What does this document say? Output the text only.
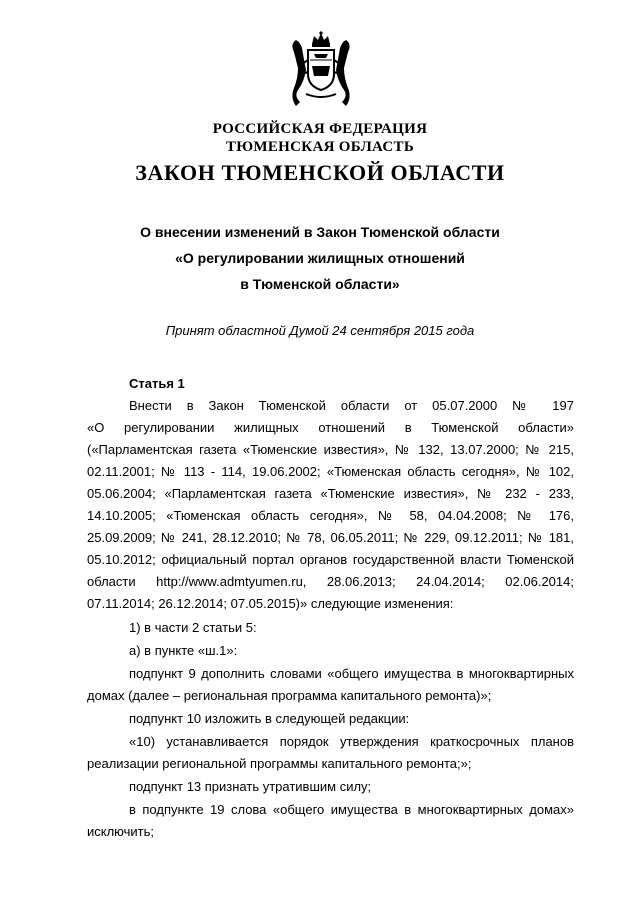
РОССИЙСКАЯ ФЕДЕРАЦИЯ
ТЮМЕНСКАЯ ОБЛАСТЬ
ЗАКОН ТЮМЕНСКОЙ ОБЛАСТИ
О внесении изменений в Закон Тюменской области
«О регулировании жилищных отношений
в Тюменской области»
Принят областной Думой 24 сентября 2015 года
Статья 1
Внести в Закон Тюменской области от 05.07.2000 № 197
«О регулировании жилищных отношений в Тюменской области»
(«Парламентская газета «Тюменские известия», № 132, 13.07.2000; № 215,
02.11.2001; № 113 - 114, 19.06.2002; «Тюменская область сегодня», № 102,
05.06.2004; «Парламентская газета «Тюменские известия», № 232 - 233,
14.10.2005; «Тюменская область сегодня», № 58, 04.04.2008; № 176,
25.09.2009; № 241, 28.12.2010; № 78, 06.05.2011; № 229, 09.12.2011; № 181,
05.10.2012; официальный портал органов государственной власти Тюменской
области http://www.admtyumen.ru, 28.06.2013; 24.04.2014; 02.06.2014;
07.11.2014; 26.12.2014; 07.05.2015)» следующие изменения:
1) в части 2 статьи 5:
а) в пункте «ш.1»:
подпункт 9 дополнить словами «общего имущества в многоквартирных
домах (далее – региональная программа капитального ремонта)»;
подпункт 10 изложить в следующей редакции:
«10) устанавливается порядок утверждения краткосрочных планов
реализации региональной программы капитального ремонта;»;
подпункт 13 признать утратившим силу;
в подпункте 19 слова «общего имущества в многоквартирных домах»
исключить;
